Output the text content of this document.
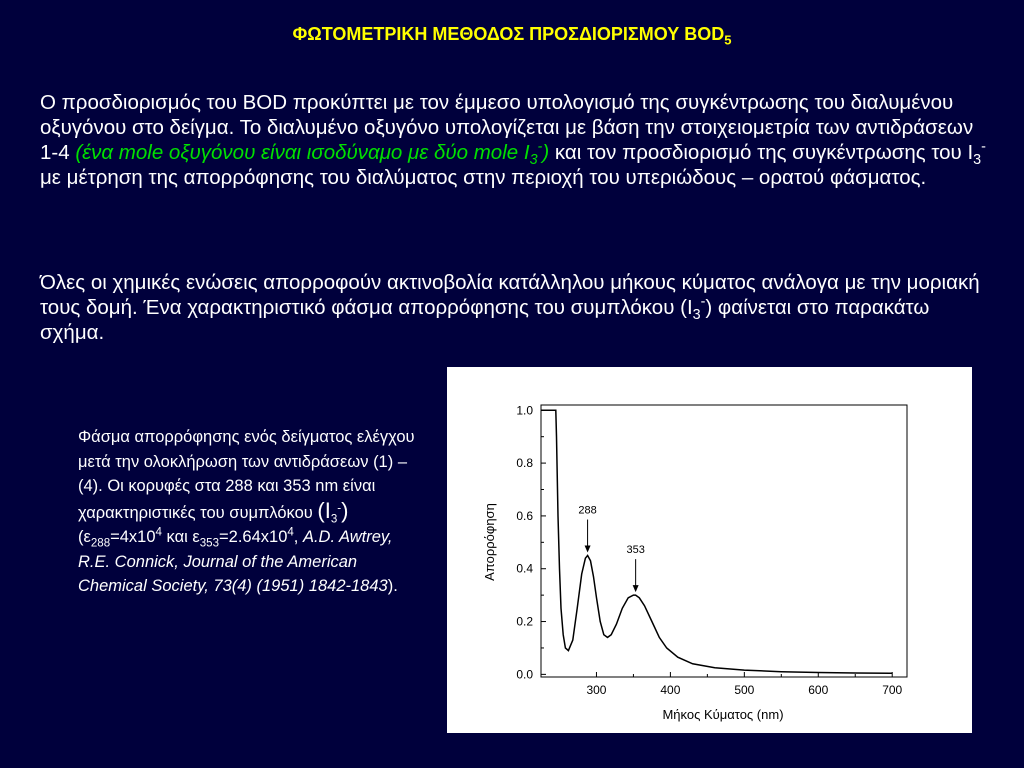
ΦΩΤΟΜΕΤΡΙΚΗ ΜΕΘΟΔΟΣ ΠΡΟΣΔΙΟΡΙΣΜΟΥ $BOD_5$

Ο προσδιορισμός του BOD προκύπτει με τον έμμεσο υπολογισμό της συγκέντρωσης του διαλυμένου οξυγόνου στο δείγμα. Το διαλυμένο οξυγόνο υπολογίζεται με βάση την στοιχειομετρία των αντιδράσεων 1-4 (ένα mole οξυγόνου είναι ισοδύναμο με δύο mole $I_3^-$) και τον προσδιορισμό της συγκέντρωσης του $I_3^-$ με μέτρηση της απορρόφησης του διαλύματος στην περιοχή του υπεριώδους – ορατού φάσματος.

Όλες οι χημικές ενώσεις απορροφούν ακτινοβολία κατάλληλου μήκους κύματος ανάλογα με την μοριακή τους δομή. Ένα χαρακτηριστικό φάσμα απορρόφησης του συμπλόκου $(I_3^-)$ φαίνεται στο παρακάτω σχήμα.

Φάσμα απορρόφησης ενός δείγματος ελέγχου μετά την ολοκλήρωση των αντιδράσεων (1) – (4). Οι κορυφές στα 288 και 353 nm είναι χαρακτηριστικές του συμπλόκου $(I_3^-)$ ($\varepsilon_{288}=4x10^4$ και $\varepsilon_{353}=2.64x10^4$, A.D. Awtrey, R.E. Connick, Journal of the American Chemical Society, 73(4) (1951) 1842-1843).

300	400	500	600	700
0.0
0.2
0.4
0.6
0.8
1.0
288
353
Μήκος Κύματος (nm)
Απορρόφηση
